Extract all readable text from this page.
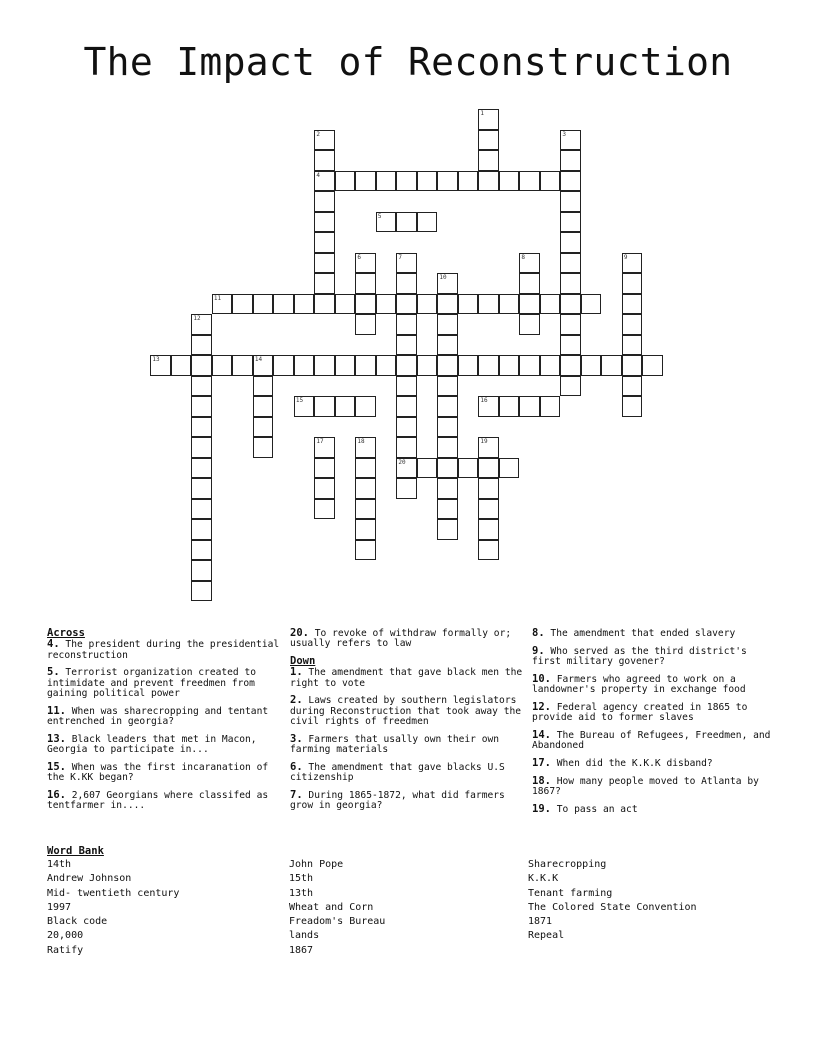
The Impact of Reconstruction
1
2
4
3
5
6	7
20
8	9
10
11
12
13	14
15	16
17	18	19
Across
4. The president during the presidential reconstruction
5. Terrorist organization created to intimidate and prevent freedmen from gaining political power
11. When was sharecropping and tentant entrenched in georgia?
13. Black leaders that met in Macon, Georgia to participate in...
15. When was the first incaranation of the K.KK began?
16. 2,607 Georgians where classifed as tentfarmer in....
20. To revoke of withdraw formally or; usually refers to law
Down
1. The amendment that gave black men the right to vote
2. Laws created by southern legislators during Reconstruction that took away the civil rights of freedmen
3. Farmers that usally own their own farming materials
6. The amendment that gave blacks U.S citizenship
7. During 1865-1872, what did farmers grow in georgia?
8. The amendment that ended slavery
9. Who served as the third district's first military govener?
10. Farmers who agreed to work on a landowner's property in exchange food
12. Federal agency created in 1865 to provide aid to former slaves
14. The Bureau of Refugees, Freedmen, and Abandoned
17. When did the K.K.K disband?
18. How many people moved to Atlanta by 1867?
19. To pass an act
Word Bank
14th
Andrew Johnson
Mid- twentieth century
1997
Black code
20,000
Ratify
John Pope
15th
13th
Wheat and Corn
Freadom's Bureau
lands
1867
Sharecropping
K.K.K
Tenant farming
The Colored State Convention
1871
Repeal
